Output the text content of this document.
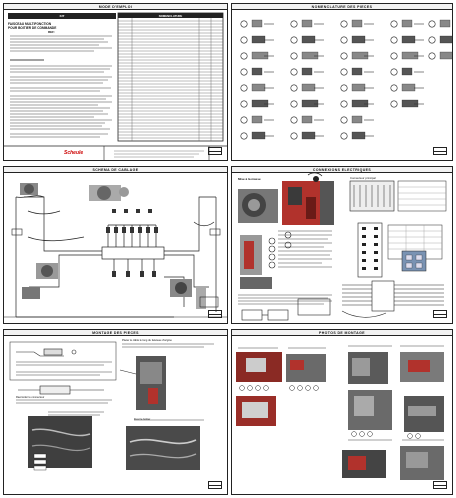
MODE D'EMPLOI
KIT
FAISCEAU MULTIFONCTION
POUR BOITIER DE COMMANDE
REF:
NOMENCLATURE
Scheule
NOMENCLATURE DES PIECES
SCHEMA DE CABLAGE	CONNEXIONS ELECTRIQUES
Mise à la masse	Connecteur principal
MONTAGE DES PIECES
Placer le câble le long du faisceau d'origine
Raccorder le connecteur
Fixer le boitier
PHOTOS DE MONTAGE
